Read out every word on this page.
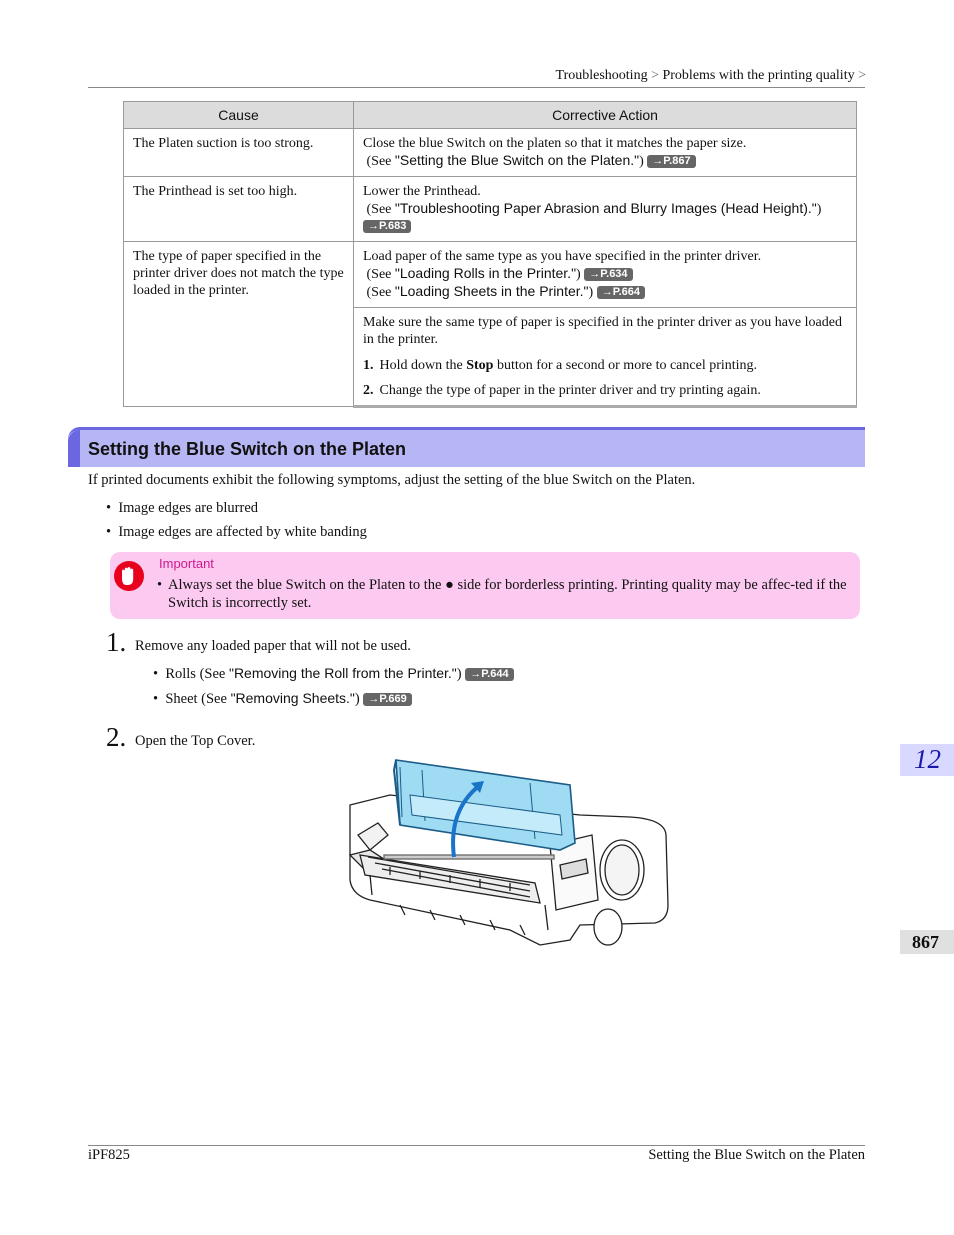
Troubleshooting > Problems with the printing quality >
Cause	Corrective Action
The Platen suction is too strong.	Close the blue Switch on the platen so that it matches the paper size.
(See "Setting the Blue Switch on the Platen.") →P.867

The Printhead is set too high.	Lower the Printhead.
(See "Troubleshooting Paper Abrasion and Blurry Images (Head Height).")
→P.683

The type of paper specified in the printer driver does not match the type loaded in the printer.	Load paper of the same type as you have specified in the printer driver.
(See "Loading Rolls in the Printer.") →P.634
(See "Loading Sheets in the Printer.") →P.664

	Make sure the same type of paper is specified in the printer driver as you have loaded in the printer.
1. Hold down the Stop button for a second or more to cancel printing.
2. Change the type of paper in the printer driver and try printing again.
Setting the Blue Switch on the Platen
If printed documents exhibit the following symptoms, adjust the setting of the blue Switch on the Platen.
•  Image edges are blurred
•  Image edges are affected by white banding
Important
• Always set the blue Switch on the Platen to the ● side for borderless printing. Printing quality may be affec-ted if the Switch is incorrectly set.
1. Remove any loaded paper that will not be used.
•  Rolls (See "Removing the Roll from the Printer.") →P.644
•  Sheet (See "Removing Sheets.") →P.669
2. Open the Top Cover.
12
867
iPF825	Setting the Blue Switch on the Platen
